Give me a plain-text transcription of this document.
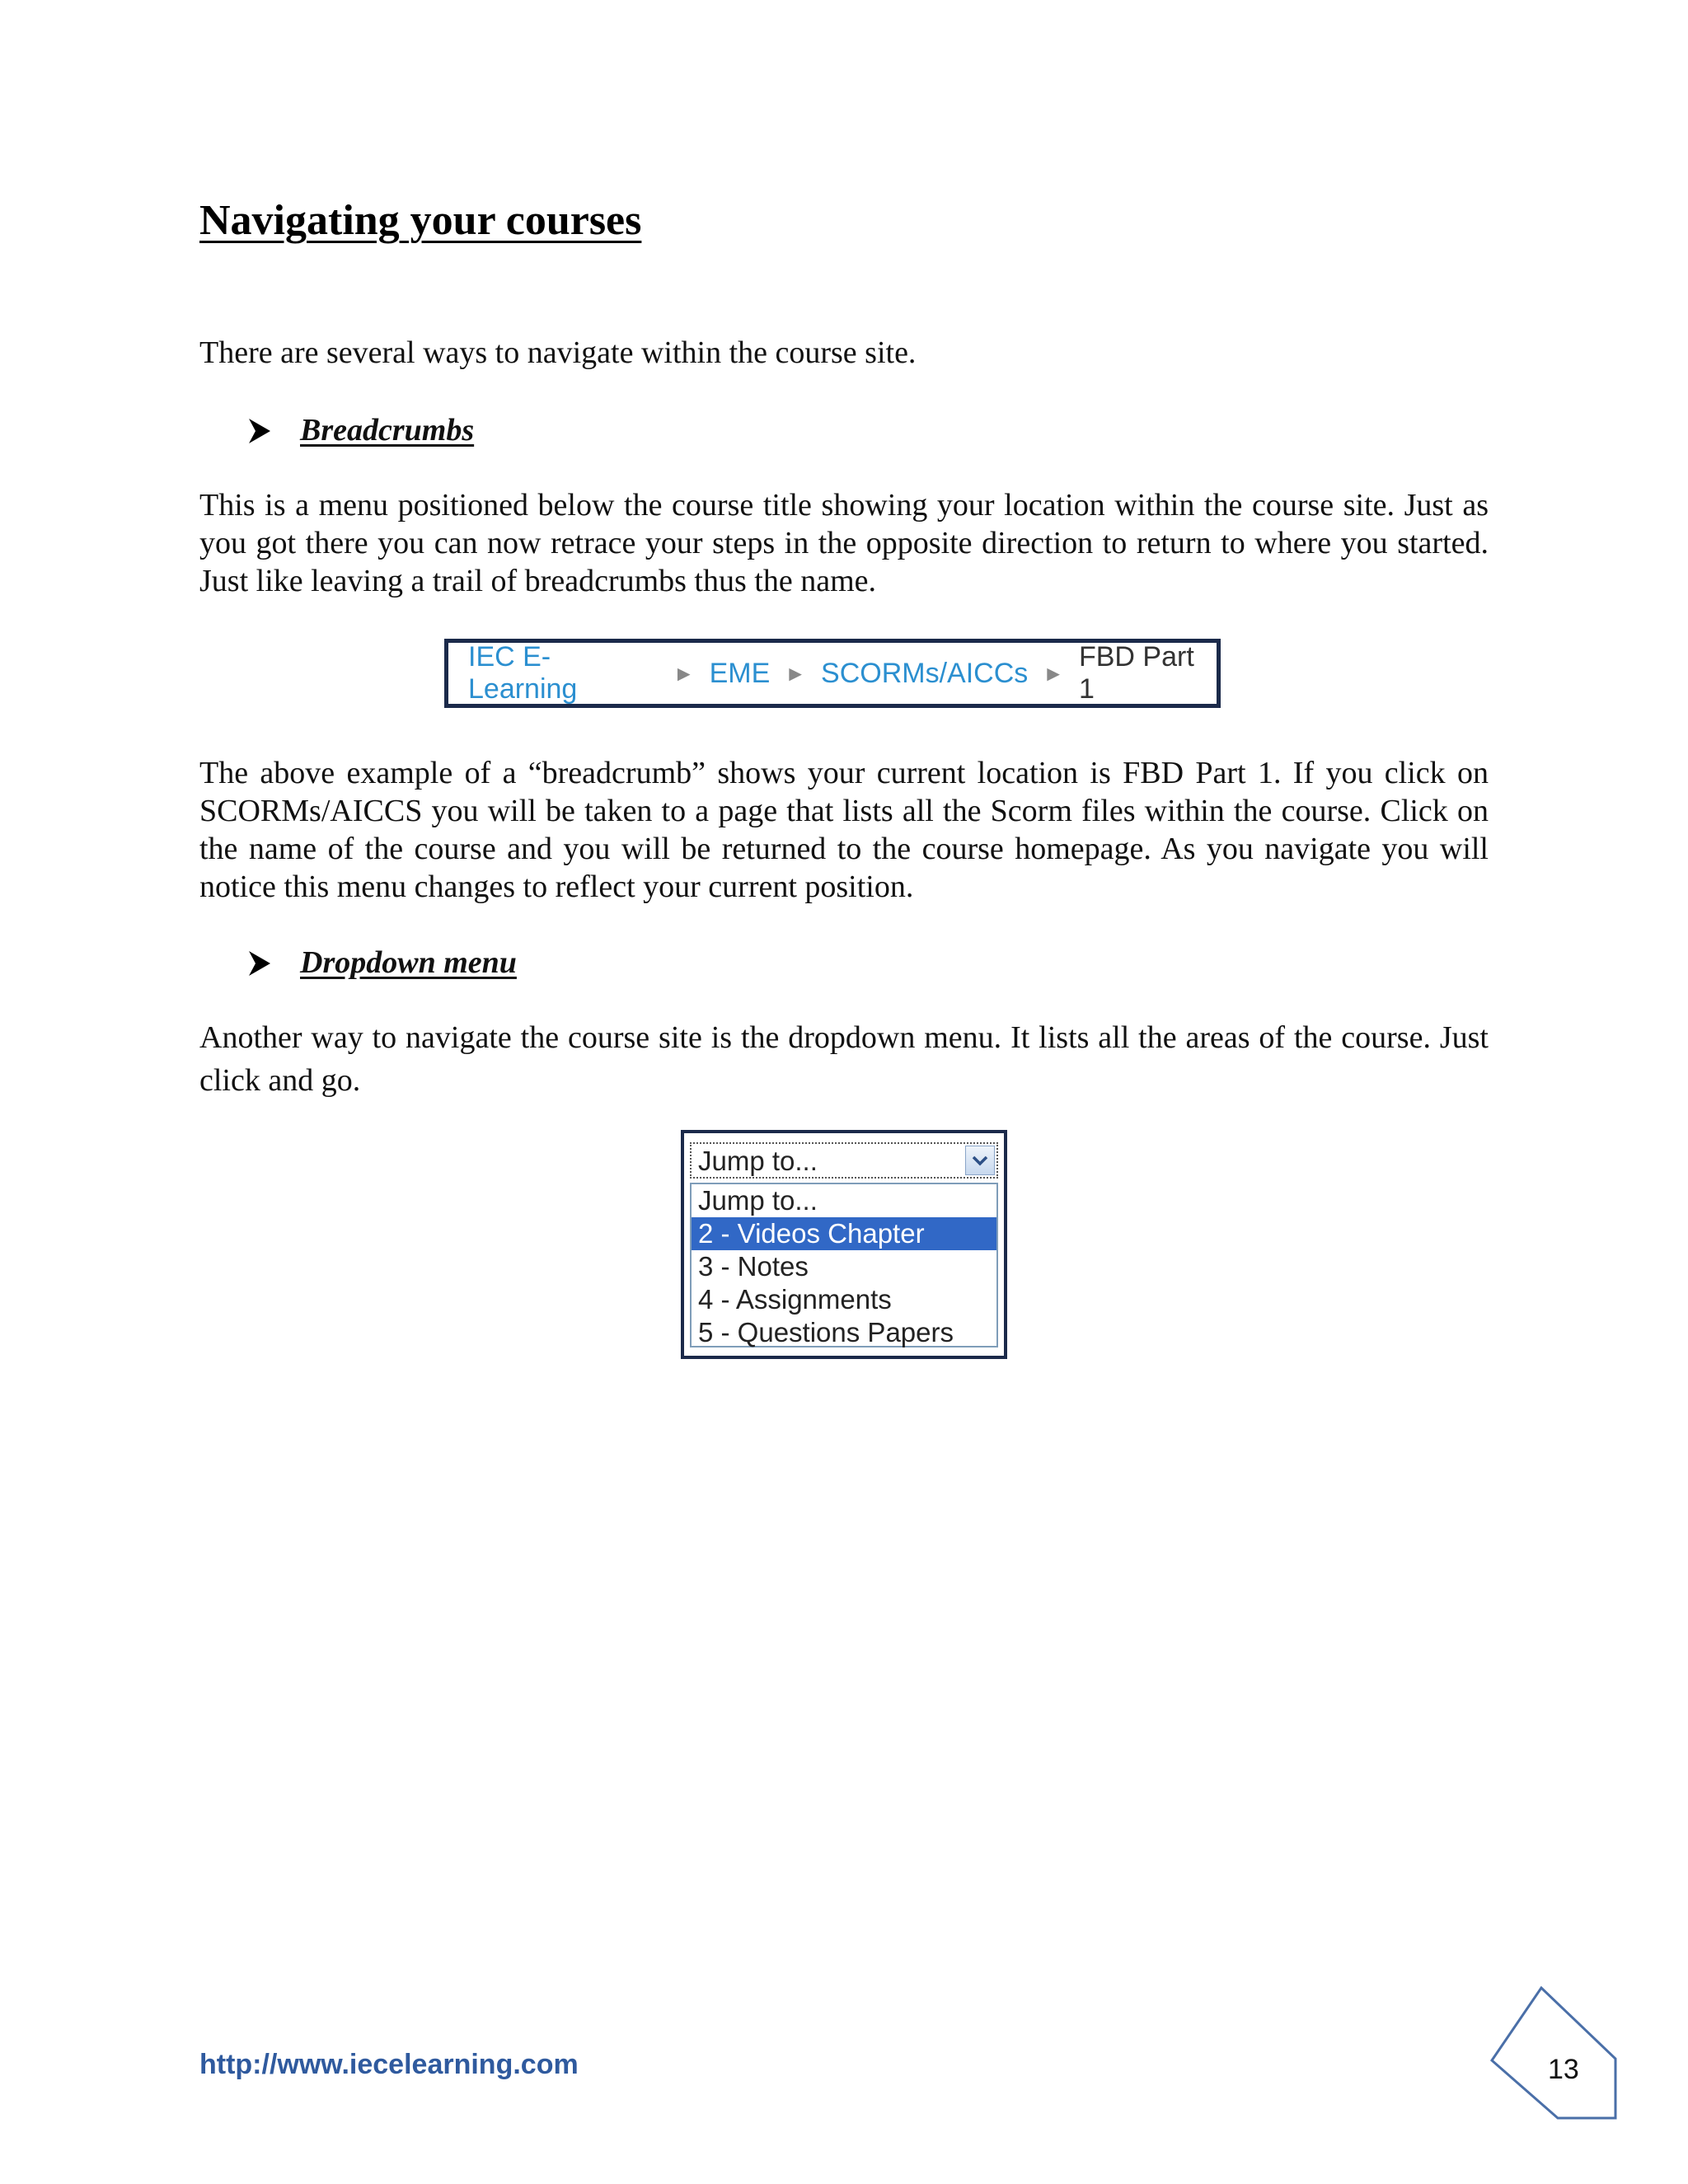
Navigating your courses

There are several ways to navigate within the course site.

Breadcrumbs

This is a menu positioned below the course title showing your location within the course site. Just as you got there you can now retrace your steps in the opposite direction to return to where you started. Just like leaving a trail of breadcrumbs thus the name.

IEC E-Learning
► EME ► SCORMs/AICCs ►
FBD Part 1

The above example of a “breadcrumb” shows your current location is FBD Part 1. If you click on SCORMs/AICCS you will be taken to a page that lists all the Scorm files within the course. Click on the name of the course and you will be returned to the course homepage. As you navigate you will notice this menu changes to reflect your current position.

Dropdown menu

Another way to navigate the course site is the dropdown menu. It lists all the areas of the course. Just click and go.

Jump to...
Jump to...
2 - Videos Chapter
3 - Notes
4 - Assignments
5 - Questions Papers
http://www.iecelearning.com	13
